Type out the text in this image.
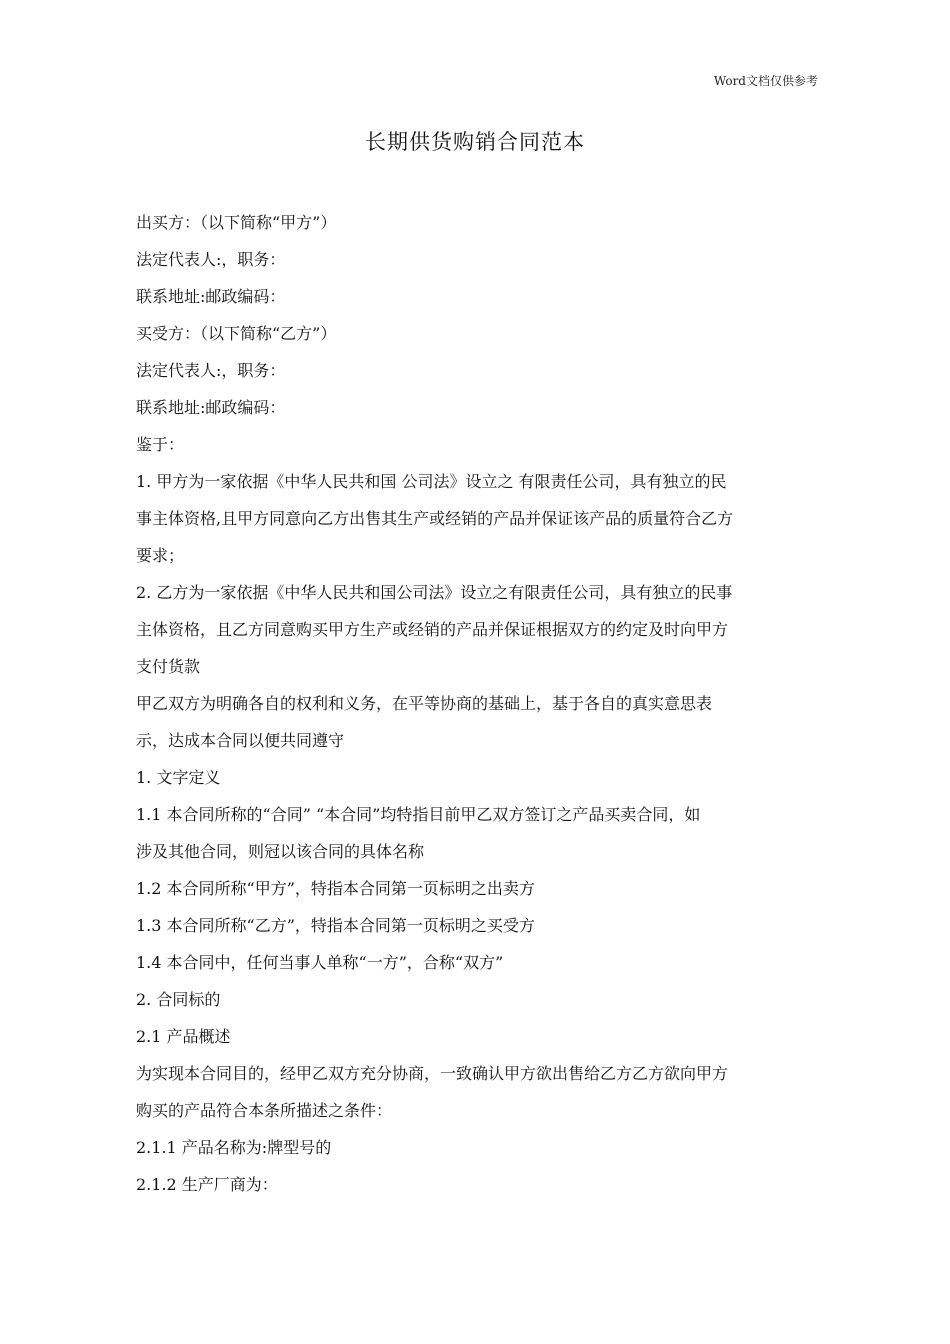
Word文档仅供参考
长期供货购销合同范本
出买方：（以下简称“甲方”）
法定代表人:，职务：
联系地址:邮政编码：
买受方：（以下简称“乙方”）
法定代表人:，职务：
联系地址:邮政编码：
鉴于：
1. 甲方为一家依据《中华人民共和国 公司法》设立之 有限责任公司，具有独立的民
事主体资格,且甲方同意向乙方出售其生产或经销的产品并保证该产品的质量符合乙方
要求；
2. 乙方为一家依据《中华人民共和国公司法》设立之有限责任公司，具有独立的民事
主体资格，且乙方同意购买甲方生产或经销的产品并保证根据双方的约定及时向甲方
支付货款
甲乙双方为明确各自的权利和义务，在平等协商的基础上，基于各自的真实意思表
示，达成本合同以便共同遵守
1. 文字定义
1.1 本合同所称的“合同” “本合同”均特指目前甲乙双方签订之产品买卖合同，如
涉及其他合同，则冠以该合同的具体名称
1.2 本合同所称“甲方”，特指本合同第一页标明之出卖方
1.3 本合同所称“乙方”，特指本合同第一页标明之买受方
1.4 本合同中，任何当事人单称“一方”，合称“双方”
2. 合同标的
2.1 产品概述
为实现本合同目的，经甲乙双方充分协商，一致确认甲方欲出售给乙方乙方欲向甲方
购买的产品符合本条所描述之条件：
2.1.1 产品名称为:牌型号的
2.1.2 生产厂商为：
